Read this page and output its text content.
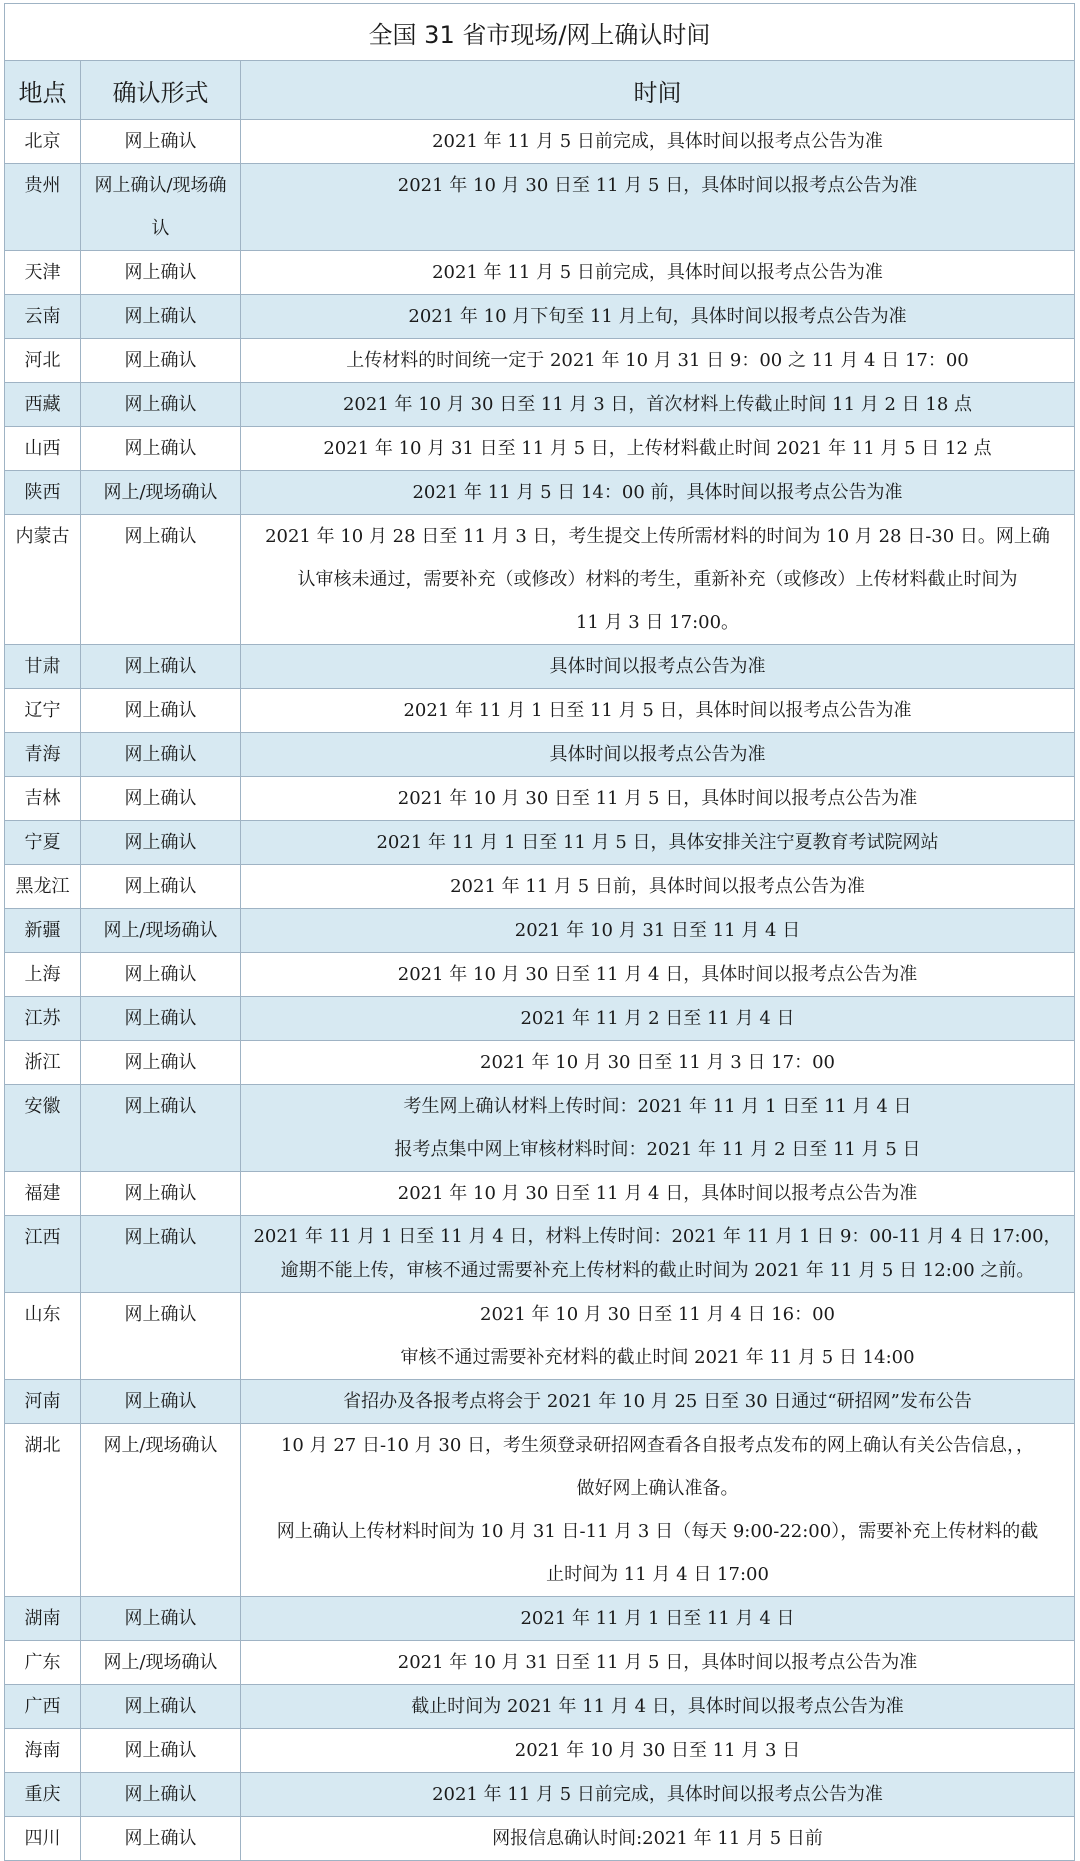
全国 31 省市现场/网上确认时间		
地点	确认形式	时间
北京	网上确认	2021 年 11 月 5 日前完成，具体时间以报考点公告为准

贵州	网上确认/现场确认	2021 年 10 月 30 日至 11 月 5 日，具体时间以报考点公告为准

天津	网上确认	2021 年 11 月 5 日前完成，具体时间以报考点公告为准

云南	网上确认	2021 年 10 月下旬至 11 月上旬，具体时间以报考点公告为准

河北	网上确认	上传材料的时间统一定于 2021 年 10 月 31 日 9：00 之 11 月 4 日 17：00

西藏	网上确认	2021 年 10 月 30 日至 11 月 3 日，首次材料上传截止时间 11 月 2 日 18 点

山西	网上确认	2021 年 10 月 31 日至 11 月 5 日，上传材料截止时间 2021 年 11 月 5 日 12 点

陕西	网上/现场确认	2021 年 11 月 5 日 14：00 前，具体时间以报考点公告为准

内蒙古	网上确认	2021 年 10 月 28 日至 11 月 3 日，考生提交上传所需材料的时间为 10 月 28 日-30 日。网上确
认审核未通过，需要补充（或修改）材料的考生，重新补充（或修改）上传材料截止时间为
11 月 3 日 17:00。

甘肃	网上确认	具体时间以报考点公告为准

辽宁	网上确认	2021 年 11 月 1 日至 11 月 5 日，具体时间以报考点公告为准

青海	网上确认	具体时间以报考点公告为准

吉林	网上确认	2021 年 10 月 30 日至 11 月 5 日，具体时间以报考点公告为准

宁夏	网上确认	2021 年 11 月 1 日至 11 月 5 日，具体安排关注宁夏教育考试院网站

黑龙江	网上确认	2021 年 11 月 5 日前，具体时间以报考点公告为准

新疆	网上/现场确认	2021 年 10 月 31 日至 11 月 4 日

上海	网上确认	2021 年 10 月 30 日至 11 月 4 日，具体时间以报考点公告为准

江苏	网上确认	2021 年 11 月 2 日至 11 月 4 日

浙江	网上确认	2021 年 10 月 30 日至 11 月 3 日 17：00

安徽	网上确认	考生网上确认材料上传时间：2021 年 11 月 1 日至 11 月 4 日
报考点集中网上审核材料时间：2021 年 11 月 2 日至 11 月 5 日

福建	网上确认	2021 年 10 月 30 日至 11 月 4 日，具体时间以报考点公告为准

江西	网上确认	2021 年 11 月 1 日至 11 月 4 日，材料上传时间：2021 年 11 月 1 日 9：00-11 月 4 日 17:00，
逾期不能上传，审核不通过需要补充上传材料的截止时间为 2021 年 11 月 5 日 12:00 之前。

山东	网上确认	2021 年 10 月 30 日至 11 月 4 日 16：00
审核不通过需要补充材料的截止时间 2021 年 11 月 5 日 14:00

河南	网上确认	省招办及各报考点将会于 2021 年 10 月 25 日至 30 日通过“研招网”发布公告

湖北	网上/现场确认	10 月 27 日-10 月 30 日，考生须登录研招网查看各自报考点发布的网上确认有关公告信息，，
做好网上确认准备。
网上确认上传材料时间为 10 月 31 日-11 月 3 日（每天 9:00-22:00），需要补充上传材料的截
止时间为 11 月 4 日 17:00

湖南	网上确认	2021 年 11 月 1 日至 11 月 4 日

广东	网上/现场确认	2021 年 10 月 31 日至 11 月 5 日，具体时间以报考点公告为准

广西	网上确认	截止时间为 2021 年 11 月 4 日，具体时间以报考点公告为准

海南	网上确认	2021 年 10 月 30 日至 11 月 3 日

重庆	网上确认	2021 年 11 月 5 日前完成，具体时间以报考点公告为准

四川	网上确认	网报信息确认时间:2021 年 11 月 5 日前
